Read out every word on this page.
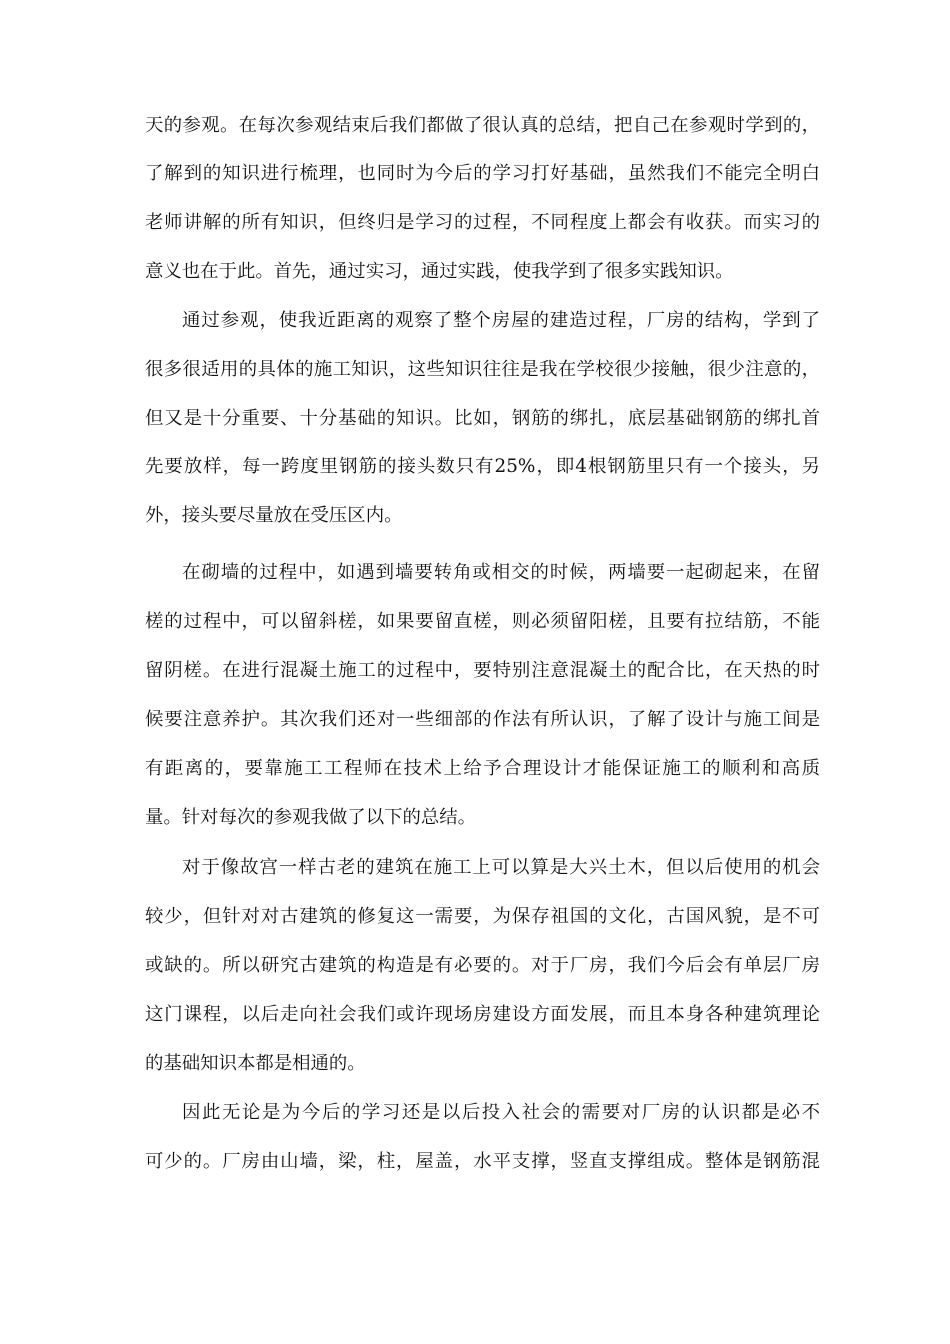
天的参观。在每次参观结束后我们都做了很认真的总结，把自己在参观时学到的，
了解到的知识进行梳理，也同时为今后的学习打好基础，虽然我们不能完全明白
老师讲解的所有知识，但终归是学习的过程，不同程度上都会有收获。而实习的
意义也在于此。首先，通过实习，通过实践，使我学到了很多实践知识。
通过参观，使我近距离的观察了整个房屋的建造过程，厂房的结构，学到了
很多很适用的具体的施工知识，这些知识往往是我在学校很少接触，很少注意的，
但又是十分重要、十分基础的知识。比如，钢筋的绑扎，底层基础钢筋的绑扎首
先要放样，每一跨度里钢筋的接头数只有25%，即4根钢筋里只有一个接头，另
外，接头要尽量放在受压区内。
在砌墙的过程中，如遇到墙要转角或相交的时候，两墙要一起砌起来，在留
槎的过程中，可以留斜槎，如果要留直槎，则必须留阳槎，且要有拉结筋，不能
留阴槎。在进行混凝土施工的过程中，要特别注意混凝土的配合比，在天热的时
候要注意养护。其次我们还对一些细部的作法有所认识，了解了设计与施工间是
有距离的，要靠施工工程师在技术上给予合理设计才能保证施工的顺利和高质
量。针对每次的参观我做了以下的总结。
对于像故宫一样古老的建筑在施工上可以算是大兴土木，但以后使用的机会
较少，但针对对古建筑的修复这一需要，为保存祖国的文化，古国风貌，是不可
或缺的。所以研究古建筑的构造是有必要的。对于厂房，我们今后会有单层厂房
这门课程，以后走向社会我们或许现场房建设方面发展，而且本身各种建筑理论
的基础知识本都是相通的。
因此无论是为今后的学习还是以后投入社会的需要对厂房的认识都是必不
可少的。厂房由山墙，梁，柱，屋盖，水平支撑，竖直支撑组成。整体是钢筋混
